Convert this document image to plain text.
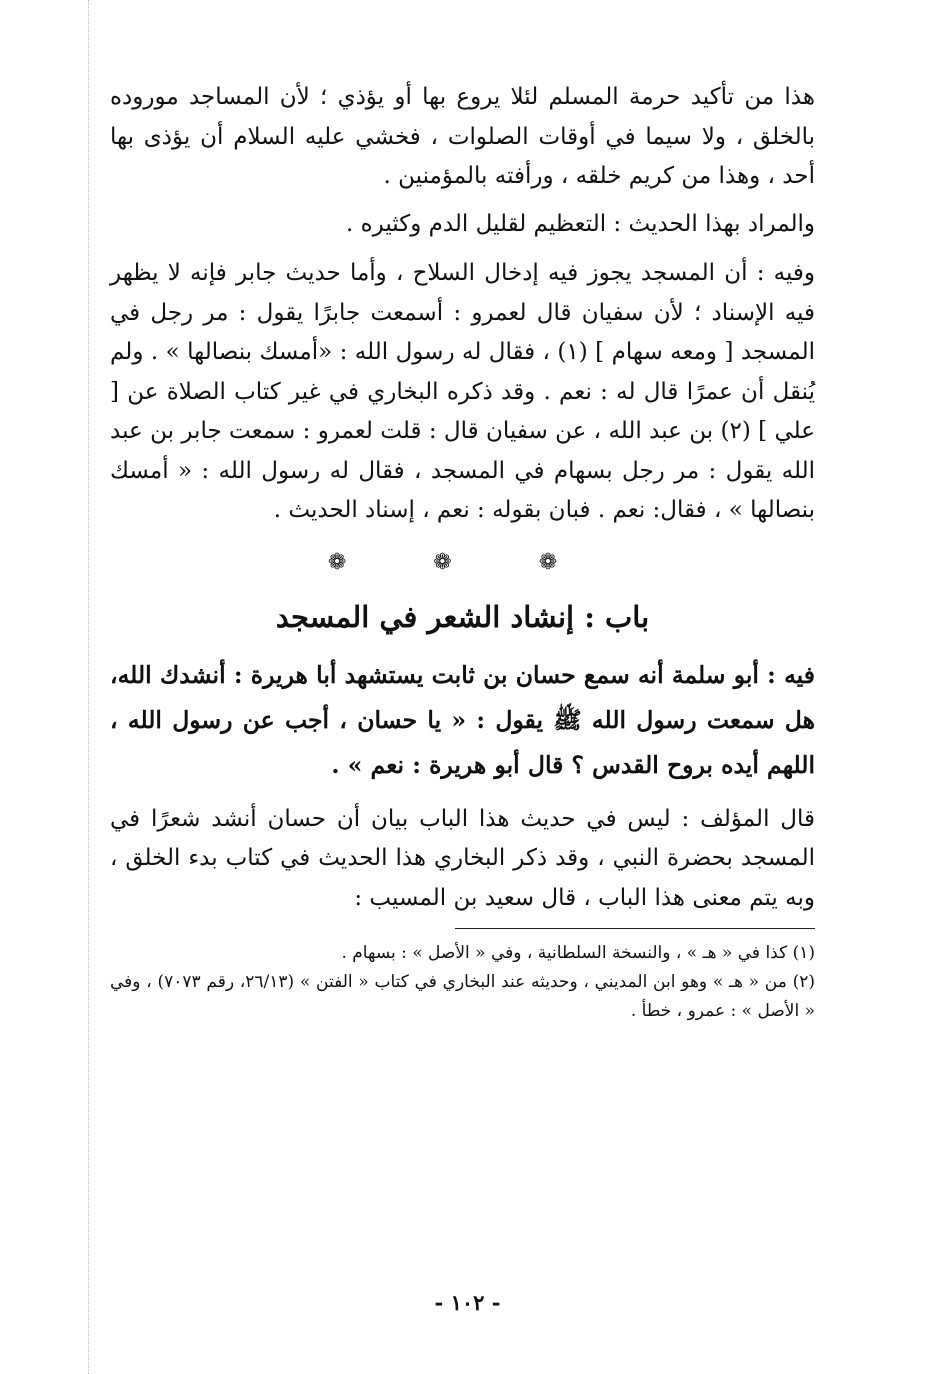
هذا من تأكيد حرمة المسلم لئلا يروع بها أو يؤذي ؛ لأن المساجد موروده بالخلق ، ولا سيما في أوقات الصلوات ، فخشي عليه السلام أن يؤذى بها أحد ، وهذا من كريم خلقه ، ورأفته بالمؤمنين .

والمراد بهذا الحديث : التعظيم لقليل الدم وكثيره .

وفيه : أن المسجد يجوز فيه إدخال السلاح ، وأما حديث جابر فإنه لا يظهر فيه الإسناد ؛ لأن سفيان قال لعمرو : أسمعت جابرًا يقول : مر رجل في المسجد [ ومعه سهام ] (١) ، فقال له رسول الله : «أمسك بنصالها » . ولم يُنقل أن عمرًا قال له : نعم . وقد ذكره البخاري في غير كتاب الصلاة عن [ علي ] (٢) بن عبد الله ، عن سفيان قال : قلت لعمرو : سمعت جابر بن عبد الله يقول : مر رجل بسهام في المسجد ، فقال له رسول الله : « أمسك بنصالها » ، فقال: نعم . فبان بقوله : نعم ، إسناد الحديث .

❁ ❁ ❁
باب : إنشاد الشعر في المسجد

فيه : أبو سلمة أنه سمع حسان بن ثابت يستشهد أبا هريرة : أنشدك الله، هل سمعت رسول الله ﷺ يقول : « يا حسان ، أجب عن رسول الله ، اللهم أيده بروح القدس ؟ قال أبو هريرة : نعم » .

قال المؤلف : ليس في حديث هذا الباب بيان أن حسان أنشد شعرًا في المسجد بحضرة النبي ، وقد ذكر البخاري هذا الحديث في كتاب بدء الخلق ، وبه يتم معنى هذا الباب ، قال سعيد بن المسيب :

(١) كذا في « هـ » ، والنسخة السلطانية ، وفي « الأصل » : بسهام .

(٢) من « هـ » وهو ابن المديني ، وحديثه عند البخاري في كتاب « الفتن » (٢٦/١٣، رقم ٧٠٧٣) ، وفي « الأصل » : عمرو ، خطأ .

- ١٠٢ -
